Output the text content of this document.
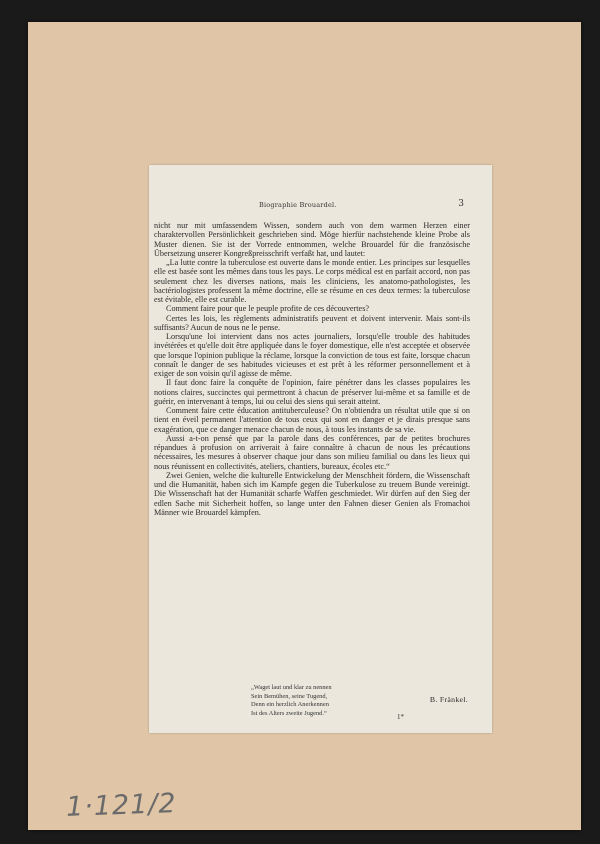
Biographie Brouardel.	3

nicht nur mit umfassendem Wissen, sondern auch von dem warmen Herzen einer charaktervollen Persönlichkeit geschrieben sind. Möge hierfür nachstehende kleine Probe als Muster dienen. Sie ist der Vorrede entnommen, welche Brouardel für die französische Übersetzung unserer Kongreßpreisschrift verfaßt hat, und lautet:

„La lutte contre la tuberculose est ouverte dans le monde entier. Les principes sur lesquelles elle est basée sont les mêmes dans tous les pays. Le corps médical est en parfait accord, non pas seulement chez les diverses nations, mais les cliniciens, les anatomo-pathologistes, les bactériologistes professent la même doctrine, elle se résume en ces deux termes: la tuberculose est évitable, elle est curable.

Comment faire pour que le peuple profite de ces découvertes?

Certes les lois, les règlements administratifs peuvent et doivent intervenir. Mais sont-ils suffisants? Aucun de nous ne le pense.

Lorsqu'une loi intervient dans nos actes journaliers, lorsqu'elle trouble des habitudes invétérées et qu'elle doit être appliquée dans le foyer domestique, elle n'est acceptée et observée que lorsque l'opinion publique la réclame, lorsque la conviction de tous est faite, lorsque chacun connaît le danger de ses habitudes vicieuses et est prêt à les réformer personnellement et à exiger de son voisin qu'il agisse de même.

Il faut donc faire la conquête de l'opinion, faire pénétrer dans les classes populaires les notions claires, succinctes qui permettront à chacun de préserver lui-même et sa famille et de guérir, en intervenant à temps, lui ou celui des siens qui serait atteint.

Comment faire cette éducation antituberculeuse? On n'obtiendra un résultat utile que si on tient en éveil permanent l'attention de tous ceux qui sont en danger et je dirais presque sans exagération, que ce danger menace chacun de nous, à tous les instants de sa vie.

Aussi a-t-on pensé que par la parole dans des conférences, par de petites brochures répandues à profusion on arriverait à faire connaître à chacun de nous les précautions nécessaires, les mesures à observer chaque jour dans son milieu familial ou dans les lieux qui nous réunissent en collectivités, ateliers, chantiers, bureaux, écoles etc.“

Zwei Genien, welche die kulturelle Entwickelung der Menschheit fördern, die Wissenschaft und die Humanität, haben sich im Kampfe gegen die Tuberkulose zu treuem Bunde vereinigt. Die Wissenschaft hat der Humanität scharfe Waffen geschmiedet. Wir dürfen auf den Sieg der edlen Sache mit Sicherheit hoffen, so lange unter den Fahnen dieser Genien als Fromachoi Männer wie Brouardel kämpfen.

„Waget laut und klar zu nennen
Sein Bemühen, seine Tugend,
Denn ein herzlich Anerkennen
Ist des Alters zweite Jugend.“
B. Fränkel.
1*
1·121/2
